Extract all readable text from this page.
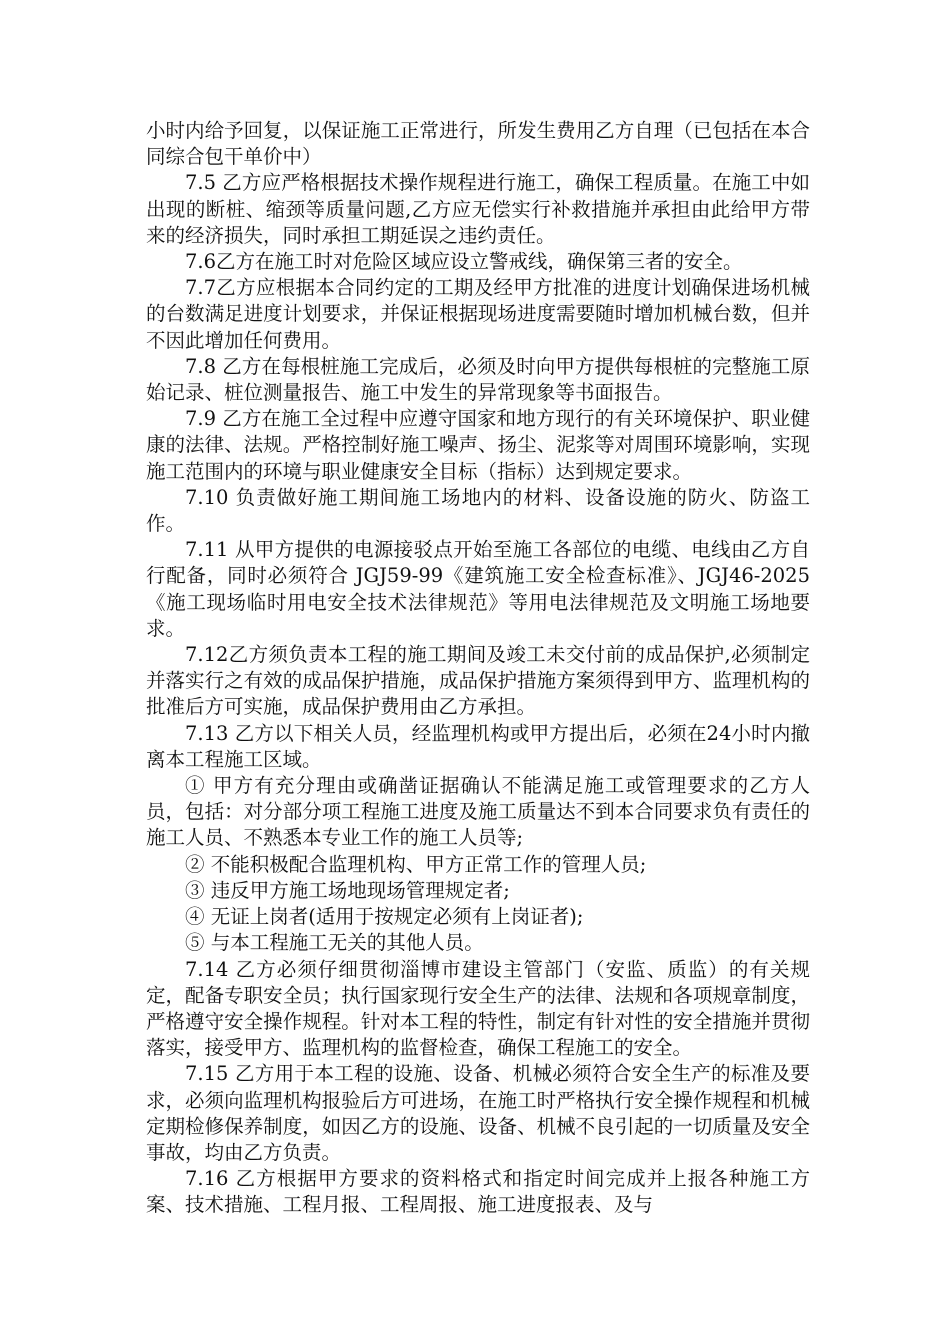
小时内给予回复，以保证施工正常进行，所发生费用乙方自理（已包括在本合同综合包干单价中）

7.5 乙方应严格根据技术操作规程进行施工，确保工程质量。在施工中如出现的断桩、缩颈等质量问题,乙方应无偿实行补救措施并承担由此给甲方带来的经济损失，同时承担工期延误之违约责任。

7.6乙方在施工时对危险区域应设立警戒线，确保第三者的安全。

7.7乙方应根据本合同约定的工期及经甲方批准的进度计划确保进场机械的台数满足进度计划要求，并保证根据现场进度需要随时增加机械台数，但并不因此增加任何费用。

7.8 乙方在每根桩施工完成后，必须及时向甲方提供每根桩的完整施工原始记录、桩位测量报告、施工中发生的异常现象等书面报告。

7.9 乙方在施工全过程中应遵守国家和地方现行的有关环境保护、职业健康的法律、法规。严格控制好施工噪声、扬尘、泥浆等对周围环境影响，实现施工范围内的环境与职业健康安全目标（指标）达到规定要求。

7.10 负责做好施工期间施工场地内的材料、设备设施的防火、防盗工作。

7.11 从甲方提供的电源接驳点开始至施工各部位的电缆、电线由乙方自行配备，同时必须符合 JGJ59-99《建筑施工安全检查标准》、JGJ46-2025《施工现场临时用电安全技术法律规范》等用电法律规范及文明施工场地要求。

7.12乙方须负责本工程的施工期间及竣工未交付前的成品保护,必须制定并落实行之有效的成品保护措施，成品保护措施方案须得到甲方、监理机构的批准后方可实施，成品保护费用由乙方承担。

7.13 乙方以下相关人员，经监理机构或甲方提出后，必须在24小时内撤离本工程施工区域。

① 甲方有充分理由或确凿证据确认不能满足施工或管理要求的乙方人员，包括：对分部分项工程施工进度及施工质量达不到本合同要求负有责任的施工人员、不熟悉本专业工作的施工人员等;

② 不能积极配合监理机构、甲方正常工作的管理人员;

③ 违反甲方施工场地现场管理规定者;

④ 无证上岗者(适用于按规定必须有上岗证者);

⑤ 与本工程施工无关的其他人员。

7.14 乙方必须仔细贯彻淄博市建设主管部门（安监、质监）的有关规定，配备专职安全员；执行国家现行安全生产的法律、法规和各项规章制度，严格遵守安全操作规程。针对本工程的特性，制定有针对性的安全措施并贯彻落实，接受甲方、监理机构的监督检查，确保工程施工的安全。

7.15 乙方用于本工程的设施、设备、机械必须符合安全生产的标准及要求，必须向监理机构报验后方可进场，在施工时严格执行安全操作规程和机械定期检修保养制度，如因乙方的设施、设备、机械不良引起的一切质量及安全事故，均由乙方负责。

7.16 乙方根据甲方要求的资料格式和指定时间完成并上报各种施工方案、技术措施、工程月报、工程周报、施工进度报表、及与
